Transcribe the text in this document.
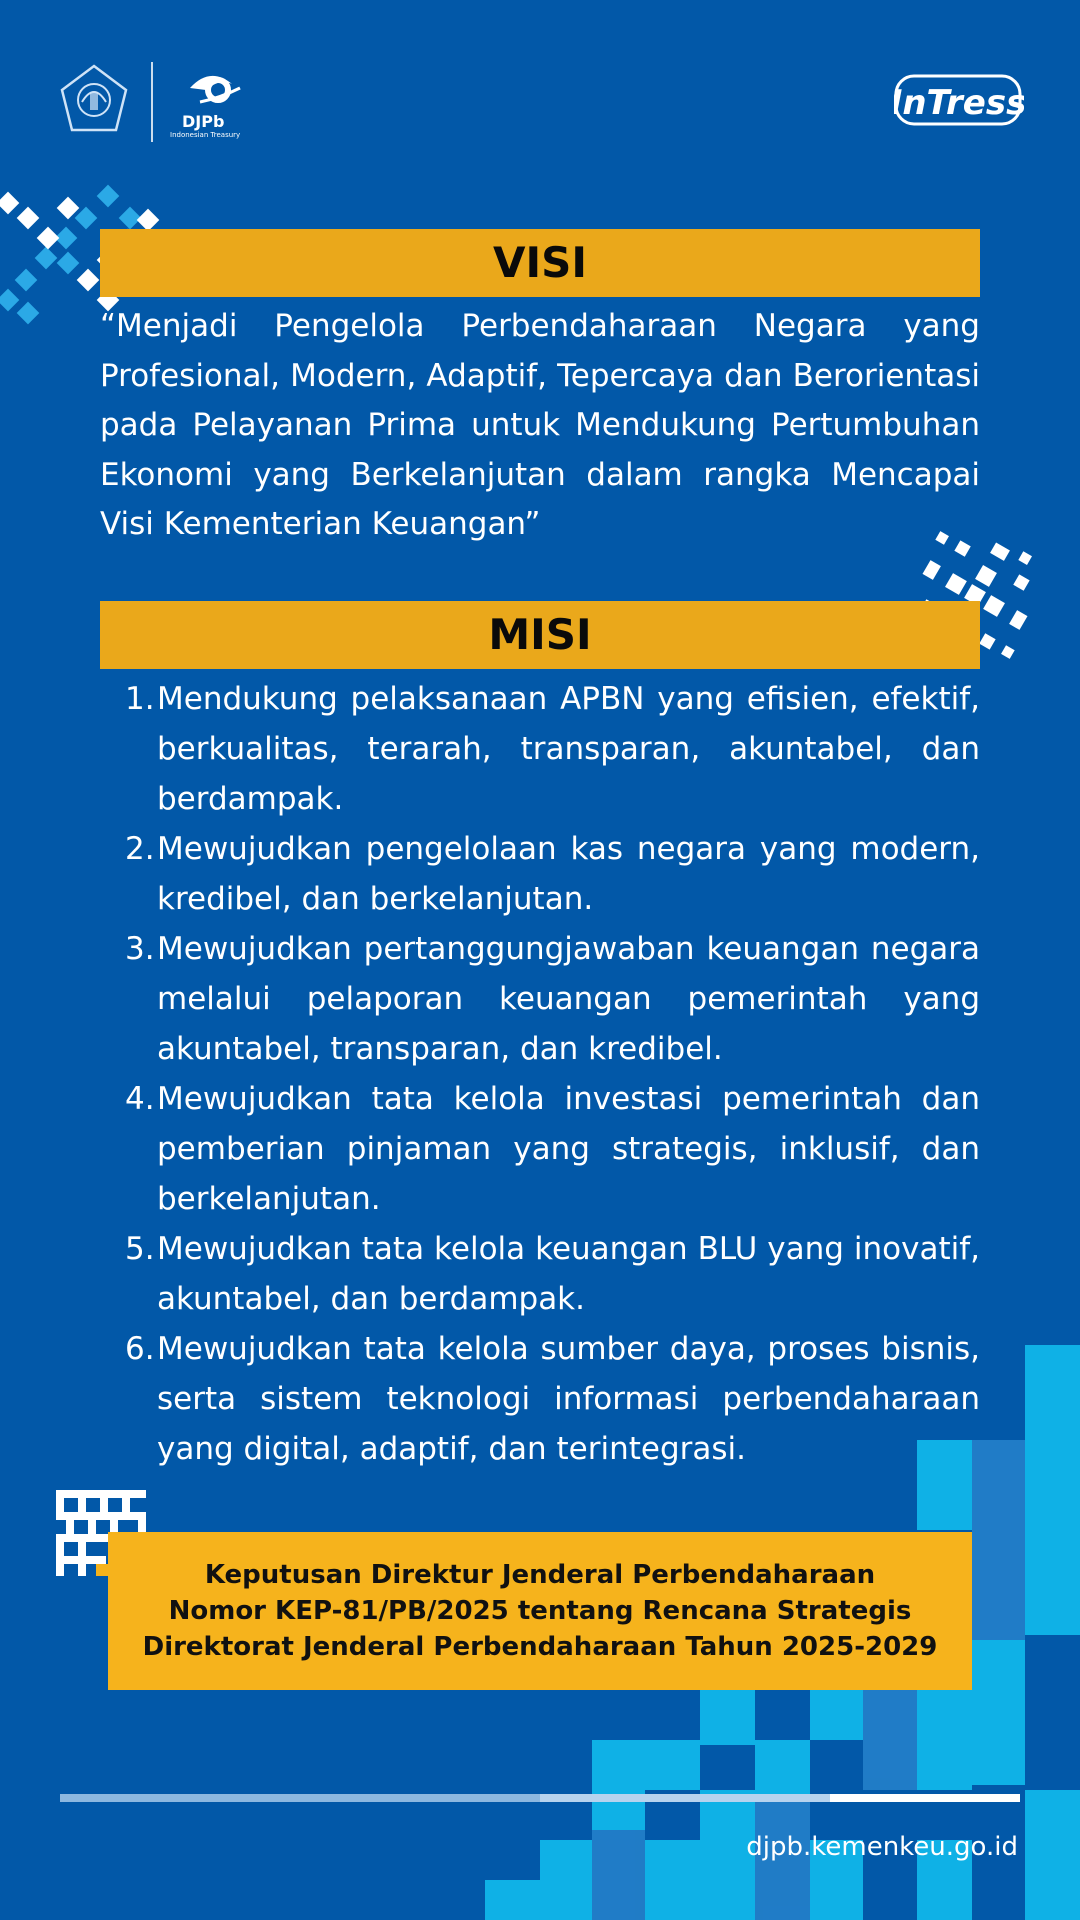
DJPb
Indonesian Treasury
InTress
VISI
“Menjadi Pengelola Perbendaharaan Negara yang Profesional, Modern, Adaptif, Tepercaya dan Berorientasi pada Pelayanan Prima untuk Mendukung Pertumbuhan Ekonomi yang Berkelanjutan dalam rangka Mencapai Visi Kementerian Keuangan”
MISI
1. Mendukung pelaksanaan APBN yang efisien, efektif, berkualitas, terarah, transparan, akuntabel, dan berdampak.
2. Mewujudkan pengelolaan kas negara yang modern, kredibel, dan berkelanjutan.
3. Mewujudkan pertanggungjawaban keuangan negara melalui pelaporan keuangan pemerintah yang akuntabel, transparan, dan kredibel.
4. Mewujudkan tata kelola investasi pemerintah dan pemberian pinjaman yang strategis, inklusif, dan berkelanjutan.
5. Mewujudkan tata kelola keuangan BLU yang inovatif, akuntabel, dan berdampak.
6. Mewujudkan tata kelola sumber daya, proses bisnis, serta sistem teknologi informasi perbendaharaan yang digital, adaptif, dan terintegrasi.
Keputusan Direktur Jenderal Perbendaharaan
Nomor KEP-81/PB/2025 tentang Rencana Strategis
Direktorat Jenderal Perbendaharaan Tahun 2025-2029
djpb.kemenkeu.go.id
